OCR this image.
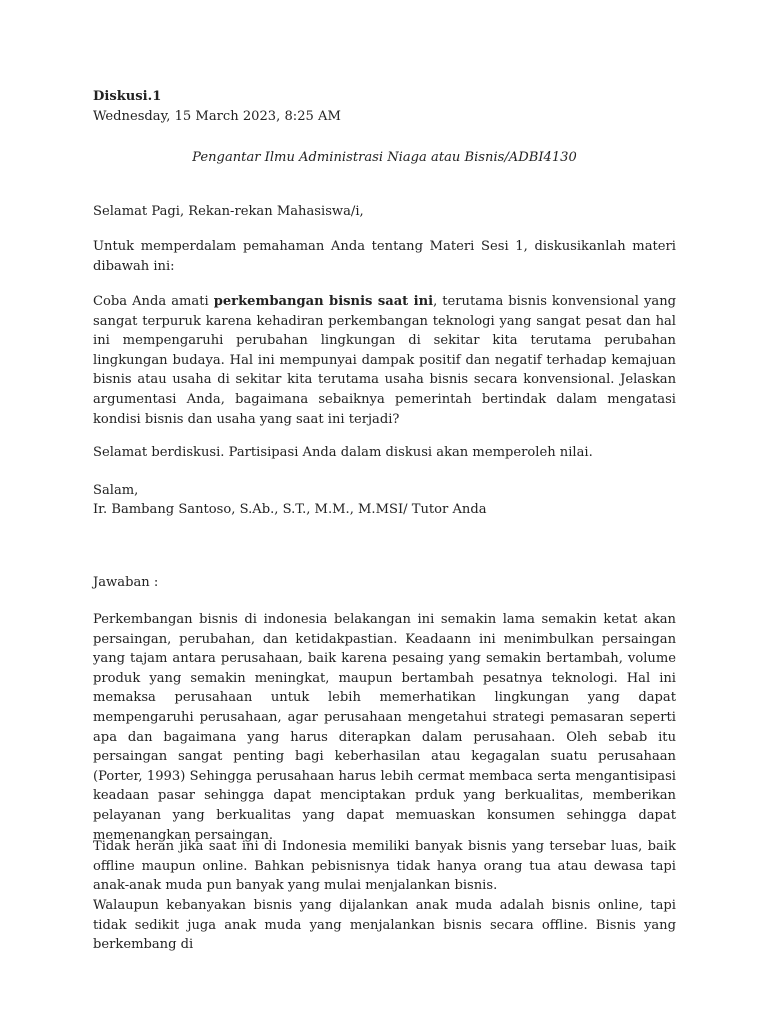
Diskusi.1

Wednesday, 15 March 2023, 8:25 AM

Pengantar Ilmu Administrasi Niaga atau Bisnis/ADBI4130

Selamat Pagi, Rekan-rekan Mahasiswa/i,

Untuk memperdalam pemahaman Anda tentang Materi Sesi 1, diskusikanlah materi dibawah ini:

Coba Anda amati perkembangan bisnis saat ini, terutama bisnis konvensional yang sangat terpuruk karena kehadiran perkembangan teknologi yang sangat pesat dan hal ini mempengaruhi perubahan lingkungan di sekitar kita terutama perubahan lingkungan budaya. Hal ini mempunyai dampak positif dan negatif terhadap kemajuan bisnis atau usaha di sekitar kita terutama usaha bisnis secara konvensional. Jelaskan argumentasi Anda, bagaimana sebaiknya pemerintah bertindak dalam mengatasi kondisi bisnis dan usaha yang saat ini terjadi?

Selamat berdiskusi. Partisipasi Anda dalam diskusi akan memperoleh nilai.

Salam,

Ir. Bambang Santoso, S.Ab., S.T., M.M., M.MSI/ Tutor Anda

Jawaban :

Perkembangan bisnis di indonesia belakangan ini semakin lama semakin ketat akan persaingan, perubahan, dan ketidakpastian. Keadaann ini menimbulkan persaingan yang tajam antara perusahaan, baik karena pesaing yang semakin bertambah, volume produk yang semakin meningkat, maupun bertambah pesatnya teknologi. Hal ini memaksa perusahaan untuk lebih memerhatikan lingkungan yang dapat mempengaruhi perusahaan, agar perusahaan mengetahui strategi pemasaran seperti apa dan bagaimana yang harus diterapkan dalam perusahaan. Oleh sebab itu persaingan sangat penting bagi keberhasilan atau kegagalan suatu perusahaan (Porter, 1993) Sehingga perusahaan harus lebih cermat membaca serta mengantisipasi keadaan pasar sehingga dapat menciptakan prduk yang berkualitas, memberikan pelayanan yang berkualitas yang dapat memuaskan konsumen sehingga dapat memenangkan persaingan.

Tidak heran jika saat ini di Indonesia memiliki banyak bisnis yang tersebar luas, baik offline maupun online. Bahkan pebisnisnya tidak hanya orang tua atau dewasa tapi anak-anak muda pun banyak yang mulai menjalankan bisnis.

Walaupun kebanyakan bisnis yang dijalankan anak muda adalah bisnis online, tapi tidak sedikit juga anak muda yang menjalankan bisnis secara offline. Bisnis yang berkembang di
